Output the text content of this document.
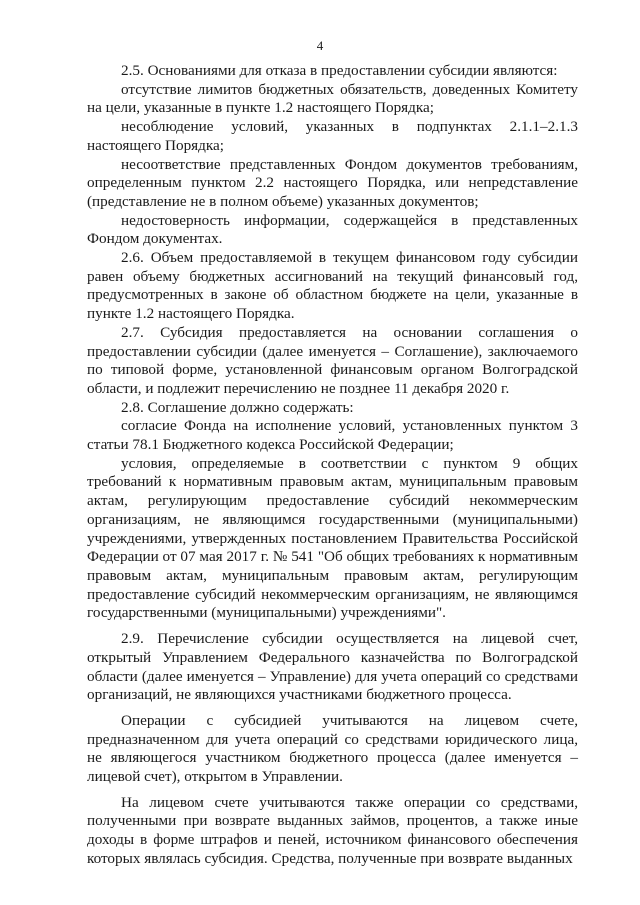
4

2.5. Основаниями для отказа в предоставлении субсидии являются:

отсутствие лимитов бюджетных обязательств, доведенных Комитету на цели, указанные в пункте 1.2 настоящего Порядка;

несоблюдение условий, указанных в подпунктах 2.1.1–2.1.3 настоящего Порядка;

несоответствие представленных Фондом документов требованиям, определенным пунктом 2.2 настоящего Порядка, или непредставление (представление не в полном объеме) указанных документов;

недостоверность информации, содержащейся в представленных Фондом документах.

2.6. Объем предоставляемой в текущем финансовом году субсидии равен объему бюджетных ассигнований на текущий финансовый год, предусмотренных в законе об областном бюджете на цели, указанные в пункте 1.2 настоящего Порядка.

2.7. Субсидия предоставляется на основании соглашения о предоставлении субсидии (далее именуется – Соглашение), заключаемого по типовой форме, установленной финансовым органом Волгоградской области, и подлежит перечислению не позднее 11 декабря 2020 г.

2.8. Соглашение должно содержать:

согласие Фонда на исполнение условий, установленных пунктом 3 статьи 78.1 Бюджетного кодекса Российской Федерации;

условия, определяемые в соответствии с пунктом 9 общих требований к нормативным правовым актам, муниципальным правовым актам, регулирующим предоставление субсидий некоммерческим организациям, не являющимся государственными (муниципальными) учреждениями, утвержденных постановлением Правительства Российской Федерации от 07 мая 2017 г. № 541 "Об общих требованиях к нормативным правовым актам, муниципальным правовым актам, регулирующим предоставление субсидий некоммерческим организациям, не являющимся государственными (муниципальными) учреждениями".

2.9. Перечисление субсидии осуществляется на лицевой счет, открытый Управлением Федерального казначейства по Волгоградской области (далее именуется – Управление) для учета операций со средствами организаций, не являющихся участниками бюджетного процесса.

Операции с субсидией учитываются на лицевом счете, предназначенном для учета операций со средствами юридического лица, не являющегося участником бюджетного процесса (далее именуется – лицевой счет), открытом в Управлении.

На лицевом счете учитываются также операции со средствами, полученными при возврате выданных займов, процентов, а также иные доходы в форме штрафов и пеней, источником финансового обеспечения которых являлась субсидия. Средства, полученные при возврате выданных
